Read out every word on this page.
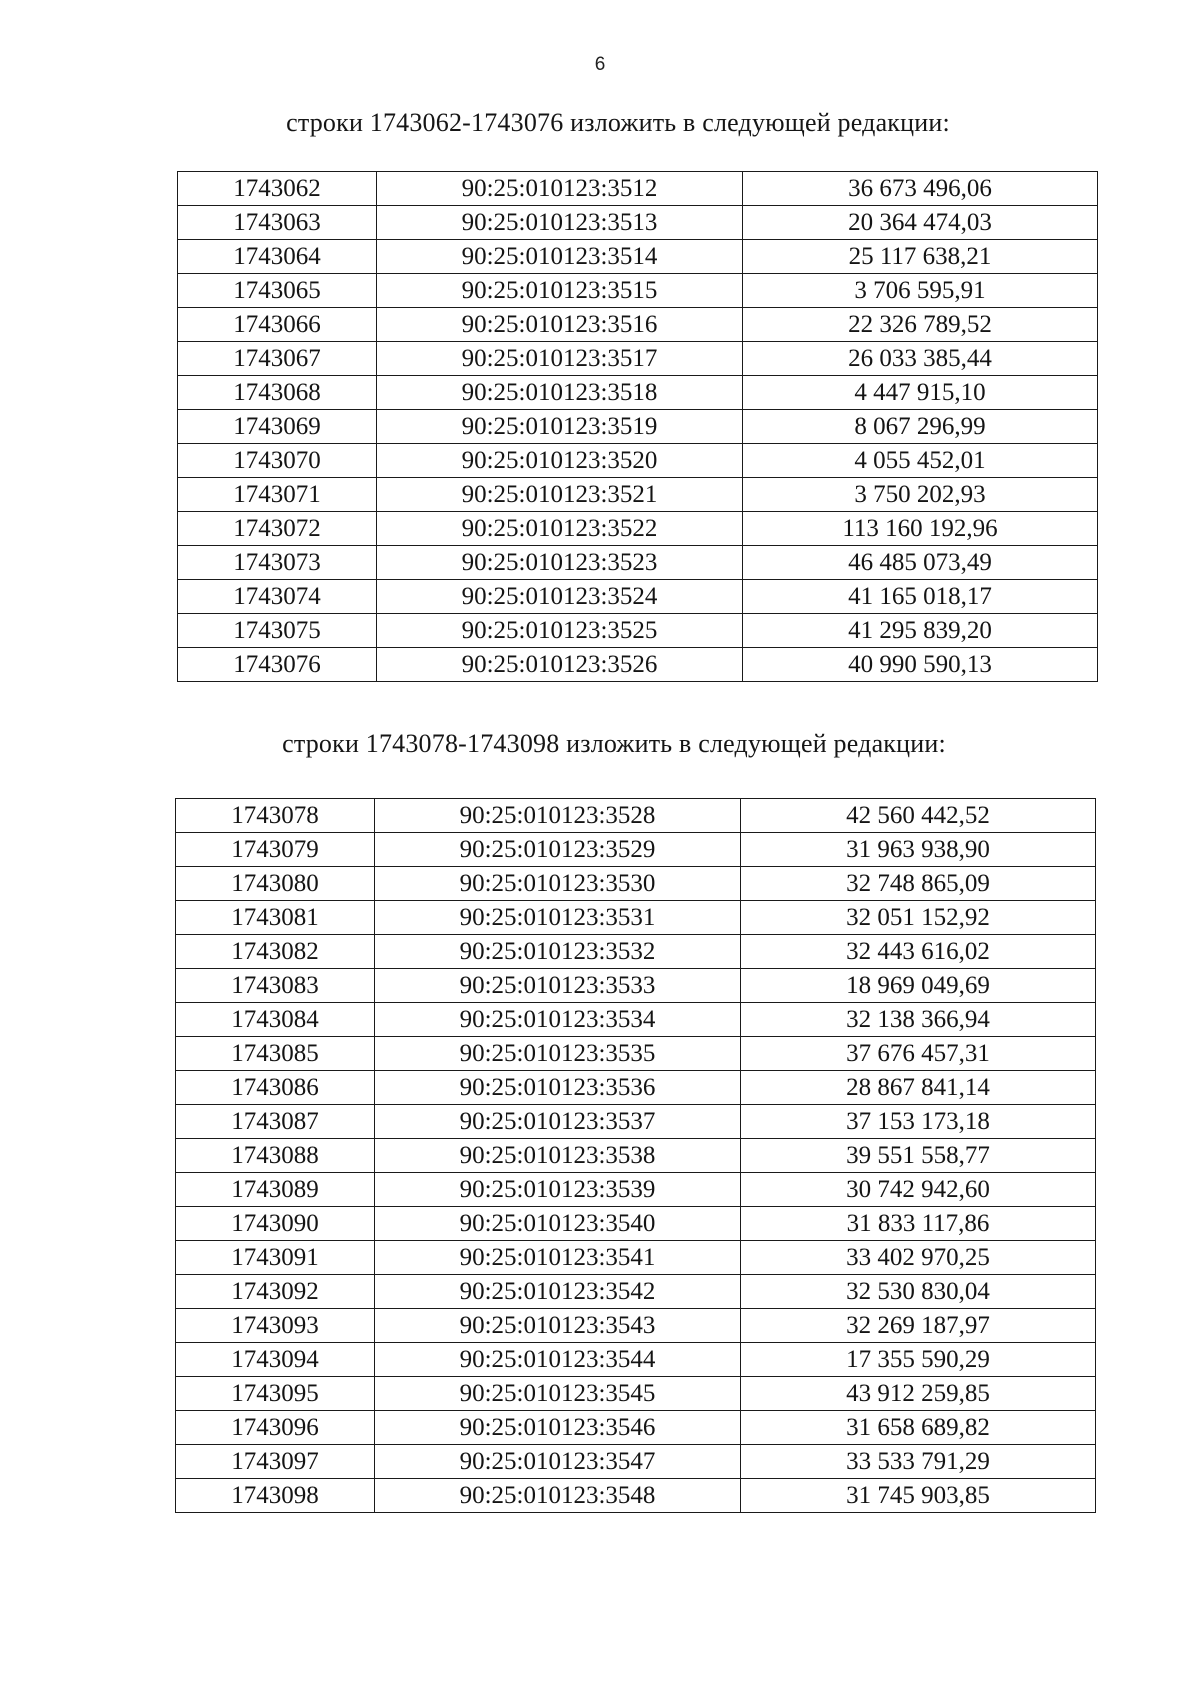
6
строки 1743062-1743076 изложить в следующей редакции:
1743062	90:25:010123:3512	36 673 496,06
1743063	90:25:010123:3513	20 364 474,03
1743064	90:25:010123:3514	25 117 638,21
1743065	90:25:010123:3515	3 706 595,91
1743066	90:25:010123:3516	22 326 789,52
1743067	90:25:010123:3517	26 033 385,44
1743068	90:25:010123:3518	4 447 915,10
1743069	90:25:010123:3519	8 067 296,99
1743070	90:25:010123:3520	4 055 452,01
1743071	90:25:010123:3521	3 750 202,93
1743072	90:25:010123:3522	113 160 192,96
1743073	90:25:010123:3523	46 485 073,49
1743074	90:25:010123:3524	41 165 018,17
1743075	90:25:010123:3525	41 295 839,20
1743076	90:25:010123:3526	40 990 590,13
строки 1743078-1743098 изложить в следующей редакции:
1743078	90:25:010123:3528	42 560 442,52
1743079	90:25:010123:3529	31 963 938,90
1743080	90:25:010123:3530	32 748 865,09
1743081	90:25:010123:3531	32 051 152,92
1743082	90:25:010123:3532	32 443 616,02
1743083	90:25:010123:3533	18 969 049,69
1743084	90:25:010123:3534	32 138 366,94
1743085	90:25:010123:3535	37 676 457,31
1743086	90:25:010123:3536	28 867 841,14
1743087	90:25:010123:3537	37 153 173,18
1743088	90:25:010123:3538	39 551 558,77
1743089	90:25:010123:3539	30 742 942,60
1743090	90:25:010123:3540	31 833 117,86
1743091	90:25:010123:3541	33 402 970,25
1743092	90:25:010123:3542	32 530 830,04
1743093	90:25:010123:3543	32 269 187,97
1743094	90:25:010123:3544	17 355 590,29
1743095	90:25:010123:3545	43 912 259,85
1743096	90:25:010123:3546	31 658 689,82
1743097	90:25:010123:3547	33 533 791,29
1743098	90:25:010123:3548	31 745 903,85
